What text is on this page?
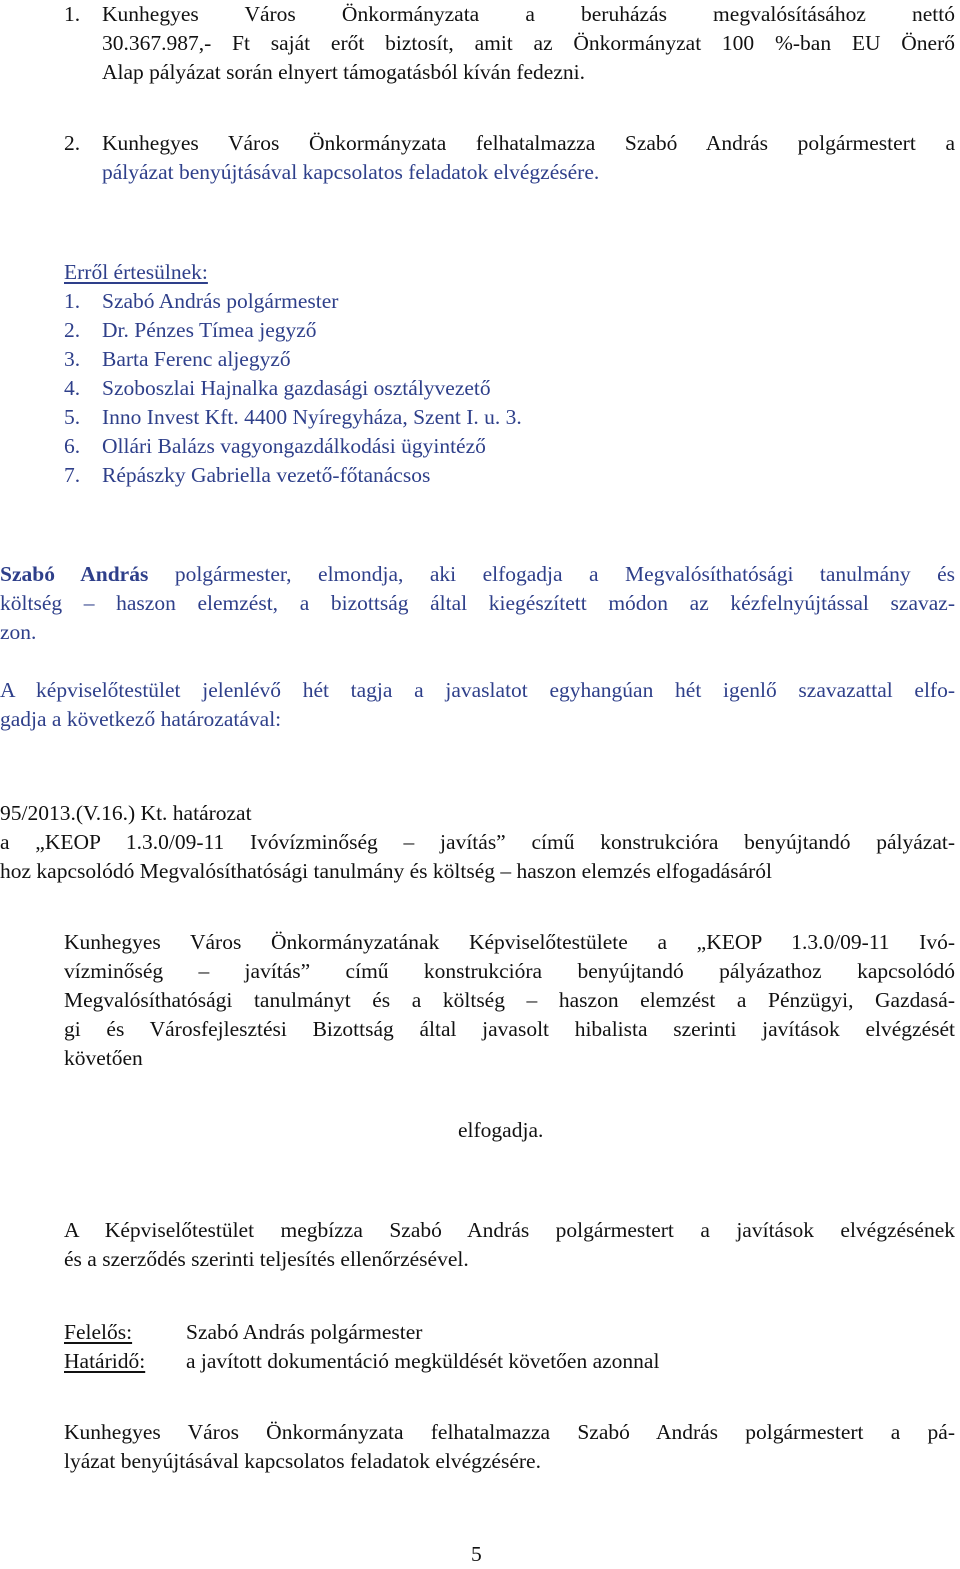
1. Kunhegyes Város Önkormányzata a beruházás megvalósításához nettó

30.367.987,- Ft saját erőt biztosít, amit az Önkormányzat 100 %-ban EU Önerő

Alap pályázat során elnyert támogatásból kíván fedezni.

2. Kunhegyes Város Önkormányzata felhatalmazza Szabó András polgármestert a

pályázat benyújtásával kapcsolatos feladatok elvégzésére.

Erről értesülnek:

1. Szabó András polgármester

2. Dr. Pénzes Tímea jegyző

3. Barta Ferenc aljegyző

4. Szoboszlai Hajnalka gazdasági osztályvezető

5. Inno Invest Kft. 4400 Nyíregyháza, Szent I. u. 3.

6. Ollári Balázs vagyongazdálkodási ügyintéző

7. Répászky Gabriella vezető-főtanácsos

Szabó András polgármester, elmondja, aki elfogadja a Megvalósíthatósági tanulmány és

költség – haszon elemzést, a bizottság által kiegészített módon az kézfelnyújtással szavaz-

zon.

A képviselőtestület jelenlévő hét tagja a javaslatot egyhangúan hét igenlő szavazattal elfo-

gadja a következő határozatával:

95/2013.(V.16.) Kt. határozat

a „KEOP 1.3.0/09-11 Ivóvízminőség – javítás” című konstrukcióra benyújtandó pályázat-

hoz kapcsolódó Megvalósíthatósági tanulmány és költség – haszon elemzés elfogadásáról

Kunhegyes Város Önkormányzatának Képviselőtestülete a „KEOP 1.3.0/09-11 Ivó-

vízminőség – javítás” című konstrukcióra benyújtandó pályázathoz kapcsolódó

Megvalósíthatósági tanulmányt és a költség – haszon elemzést a Pénzügyi, Gazdasá-

gi és Városfejlesztési Bizottság által javasolt hibalista szerinti javítások elvégzését

követően

elfogadja.

A Képviselőtestület megbízza Szabó András polgármestert a javítások elvégzésének

és a szerződés szerinti teljesítés ellenőrzésével.

Felelős:	Szabó András polgármester

Határidő: a javított dokumentáció megküldését követően azonnal

Kunhegyes Város Önkormányzata felhatalmazza Szabó András polgármestert a pá-

lyázat benyújtásával kapcsolatos feladatok elvégzésére.

5
